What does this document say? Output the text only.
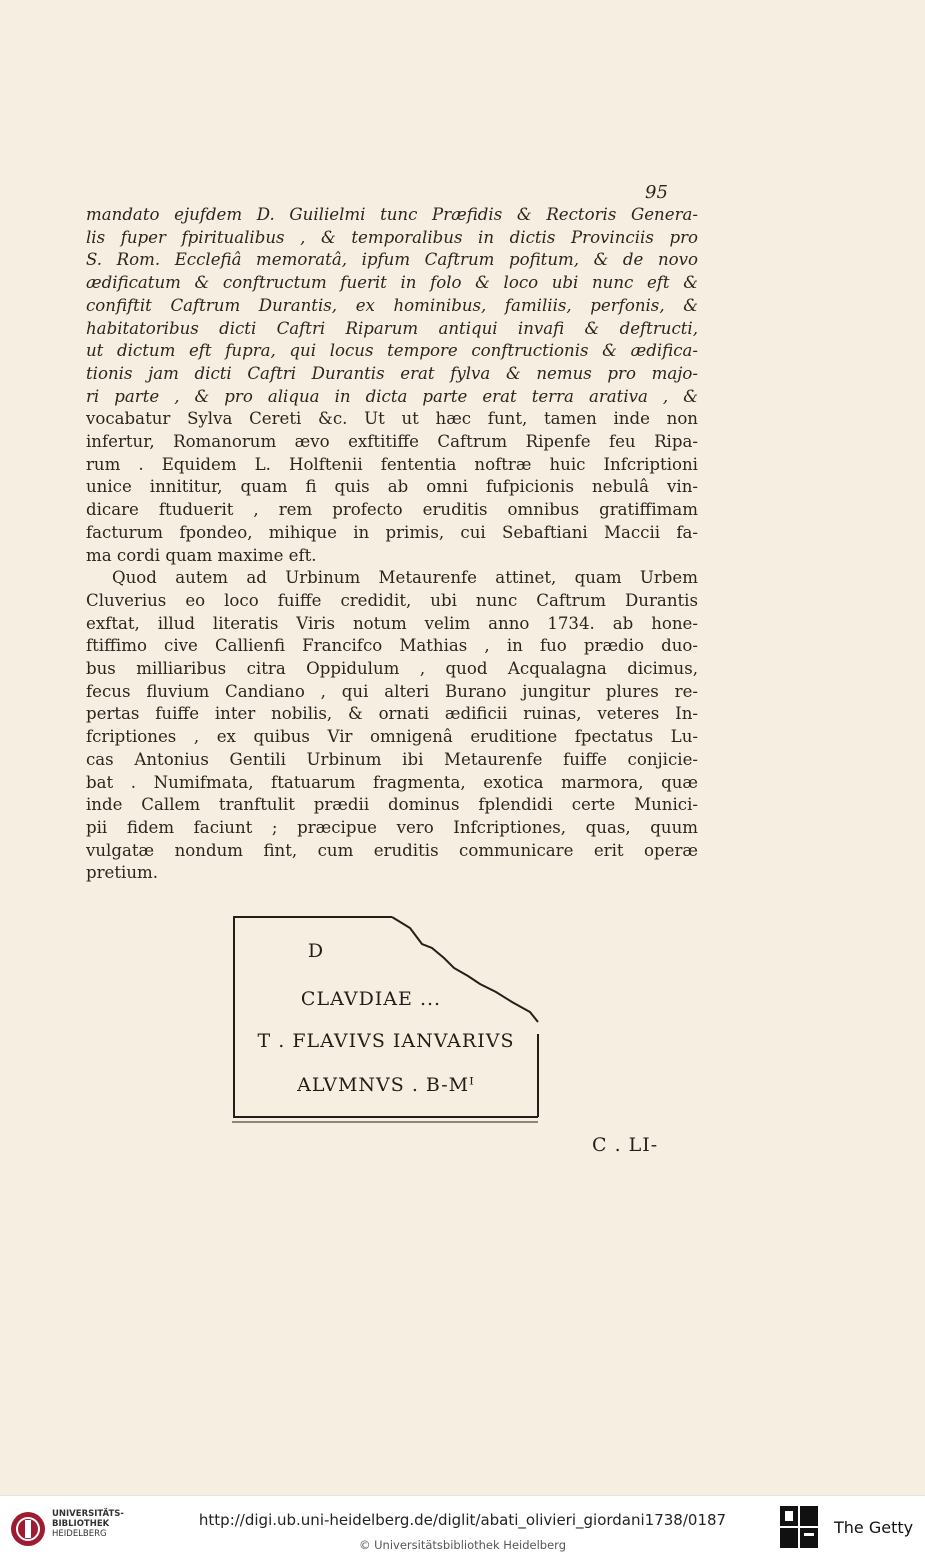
95
mandato ejufdem D. Guilielmi tunc Præfidis & Rectoris Genera-
lis fuper fpiritualibus , & temporalibus in dictis Provinciis pro
S. Rom. Ecclefiâ memoratâ, ipfum Caftrum pofitum, & de novo
ædificatum & conftructum fuerit in folo & loco ubi nunc eft &
confiftit Caftrum Durantis, ex hominibus, familiis, perfonis, &
habitatoribus dicti Caftri Riparum antiqui invafi & deftructi,
ut dictum eft fupra, qui locus tempore conftructionis & ædifica-
tionis jam dicti Caftri Durantis erat fylva & nemus pro majo-
ri parte , & pro aliqua in dicta parte erat terra arativa , &
vocabatur Sylva Cereti &c. Ut ut hæc funt, tamen inde non
infertur, Romanorum ævo exftitiffe Caftrum Ripenfe feu Ripa-
rum . Equidem L. Holftenii fententia noftræ huic Infcriptioni
unice innititur, quam fi quis ab omni fufpicionis nebulâ vin-
dicare ftuduerit , rem profecto eruditis omnibus gratiffimam
facturum fpondeo, mihique in primis, cui Sebaftiani Maccii fa-
ma cordi quam maxime eft.
Quod autem ad Urbinum Metaurenfe attinet, quam Urbem
Cluverius eo loco fuiffe credidit, ubi nunc Caftrum Durantis
exftat, illud literatis Viris notum velim anno 1734. ab hone-
ftiffimo cive Callienfi Francifco Mathias , in fuo prædio duo-
bus milliaribus citra Oppidulum , quod Acqualagna dicimus,
fecus fluvium Candiano , qui alteri Burano jungitur plures re-
pertas fuiffe inter nobilis, & ornati ædificii ruinas, veteres In-
fcriptiones , ex quibus Vir omnigenâ eruditione fpectatus Lu-
cas Antonius Gentili Urbinum ibi Metaurenfe fuiffe conjicie-
bat . Numifmata, ftatuarum fragmenta, exotica marmora, quæ
inde Callem tranftulit prædii dominus fplendidi certe Munici-
pii fidem faciunt ; præcipue vero Infcriptiones, quas, quum
vulgatæ nondum fint, cum eruditis communicare erit operæ
pretium.
D
CLAVDIAE ...
T . FLAVIVS IANVARIVS
ALVMNVS . B-Mᴵ
C . LI-
UNIVERSITÄTS-
BIBLIOTHEK
HEIDELBERG
http://digi.ub.uni-heidelberg.de/diglit/abati_olivieri_giordani1738/0187
© Universitätsbibliothek Heidelberg
The Getty
